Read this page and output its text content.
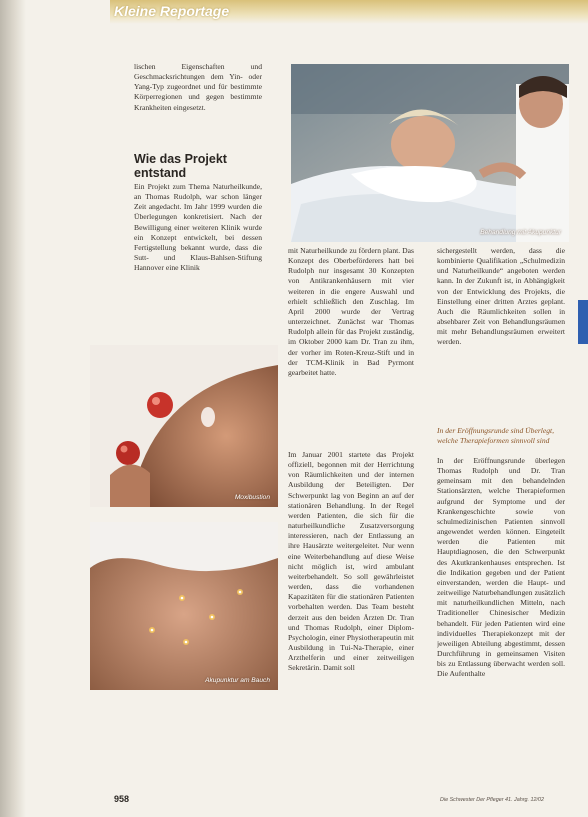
Kleine Reportage

lischen Eigenschaften und Geschmacksrichtungen dem Yin- oder Yang-Typ zugeordnet und für bestimmte Körperregionen und gegen bestimmte Krankheiten eingesetzt.

Wie das Projekt entstand

Ein Projekt zum Thema Naturheilkunde, an Thomas Rudolph, war schon länger Zeit angedacht. Im Jahr 1999 wurden die Überlegungen konkretisiert. Nach der Bewilligung einer weiteren Klinik wurde ein Konzept entwickelt, bei dessen Fertigstellung bekannt wurde, dass die Sutt- und Klaus-Bahlsen-Stiftung Hannover eine Klinik

Behandlung mit Akupunktur

mit Naturheilkunde zu fördern plant. Das Konzept des Oberbeförderers hatt bei Rudolph nur insgesamt 30 Konzepten von Antikrankenhäusern mit vier weiteren in die engere Auswahl und erhielt schließlich den Zuschlag. Im April 2000 wurde der Vertrag unterzeichnet. Zunächst war Thomas Rudolph allein für das Projekt zuständig, im Oktober 2000 kam Dr. Tran zu ihm, der vorher im Roten-Kreuz-Stift und in der TCM-Klinik in Bad Pyrmont gearbeitet hatte.

Im Januar 2001 startete das Projekt offiziell, begonnen mit der Herrichtung von Räumlichkeiten und der internen Ausbildung der Beteiligten. Der Schwerpunkt lag von Beginn an auf der stationären Behandlung. In der Regel werden Patienten, die sich für die naturheilkundliche Zusatzversorgung interessieren, nach der Entlassung an ihre Hausärzte weitergeleitet. Nur wenn eine Weiterbehandlung auf diese Weise nicht möglich ist, wird ambulant weiterbehandelt. So soll gewährleistet werden, dass die vorhandenen Kapazitäten für die stationären Patienten vorbehalten werden. Das Team besteht derzeit aus den beiden Ärzten Dr. Tran und Thomas Rudolph, einer Diplom-Psychologin, einer Physiotherapeutin mit Ausbildung in Tui-Na-Therapie, einer Arzthelferin und einer zeitweiligen Sekretärin. Damit soll

sichergestellt werden, dass die kombinierte Qualifikation „Schulmedizin und Naturheilkunde“ angeboten werden kann. In der Zukunft ist, in Abhängigkeit von der Entwicklung des Projekts, die Einstellung einer dritten Arztes geplant. Auch die Räumlichkeiten sollen in absehbarer Zeit von Behandlungsräumen mit mehr Behandlungsräumen erweitert werden.

In der Eröffnungsrunde sind Überlegt, welche Therapieformen sinnvoll sind

In der Eröffnungsrunde überlegen Thomas Rudolph und Dr. Tran gemeinsam mit den behandelnden Stationsärzten, welche Therapieformen aufgrund der Symptome und der Krankengeschichte sowie von schulmedizinischen Patienten sinnvoll angewendet werden können. Eingeteilt werden die Patienten mit Hauptdiagnosen, die den Schwerpunkt des Akutkrankenhauses entsprechen. Ist die Indikation gegeben und der Patient einverstanden, werden die Haupt- und zeitweilige Naturbehandlungen zusätzlich mit naturheilkundlichen Mitteln, nach Traditioneller Chinesischer Medizin behandelt. Für jeden Patienten wird eine individuelles Therapiekonzept mit der jeweiligen Abteilung abgestimmt, dessen Durchführung in gemeinsamen Visiten bis zu Entlassung überwacht werden soll. Die Aufenthalte

Moxibustion
Akupunktur am Bauch
958	Die Schwester Der Pfleger 41. Jahrg. 12/02
